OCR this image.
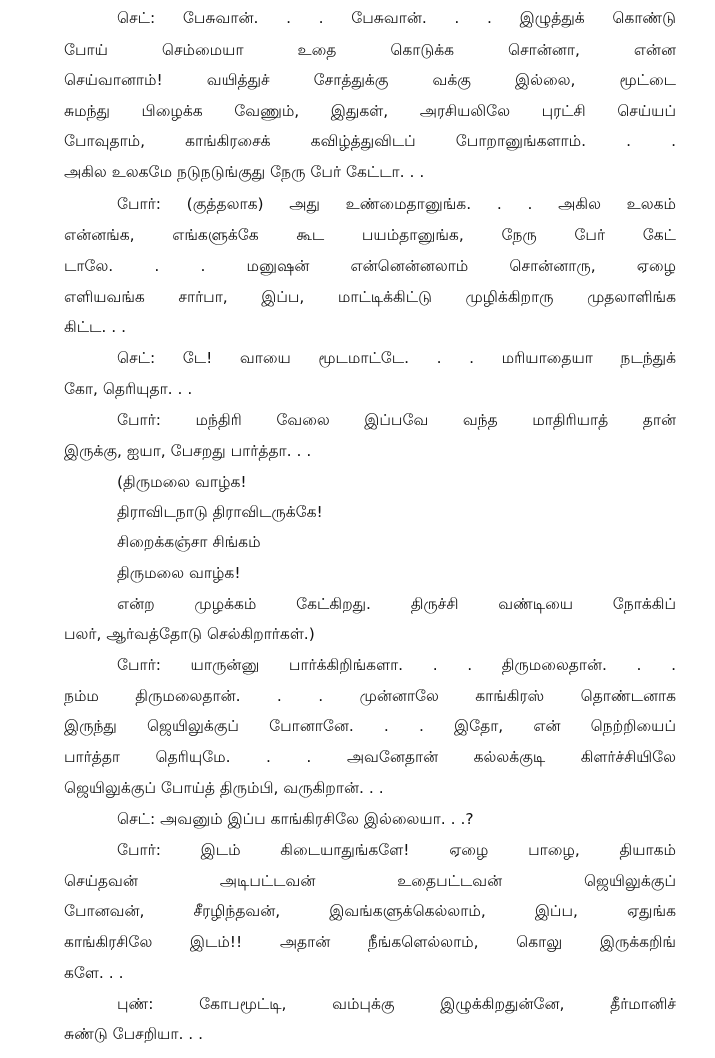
செட்: பேசுவான். . . பேசுவான். . . இழுத்துக் கொண்டு
போய் செம்மையா உதை கொடுக்க சொன்னா, என்ன
செய்வானாம்! வயித்துச் சோத்துக்கு வக்கு இல்லை, மூட்டை
சுமந்து பிழைக்க வேணும், இதுகள், அரசியலிலே புரட்சி செய்யப்
போவுதாம், காங்கிரசைக் கவிழ்த்துவிடப் போறானுங்களாம். . .
அகில உலகமே நடுநடுங்குது நேரு பேர் கேட்டா. . .
போர்: (குத்தலாக) அது உண்மைதானுங்க. . . அகில உலகம்
என்னங்க, எங்களுக்கே கூட பயம்தானுங்க, நேரு பேர் கேட்
டாலே. . . மனுஷன் என்னென்னலாம் சொன்னாரு, ஏழை
எளியவங்க சார்பா, இப்ப, மாட்டிக்கிட்டு முழிக்கிறாரு முதலாளிங்க
கிட்ட. . .
செட்: டே! வாயை மூடமாட்டே. . . மரியாதையா நடந்துக்
கோ, தெரியுதா. . .
போர்: மந்திரி வேலை இப்பவே வந்த மாதிரியாத் தான்
இருக்கு, ஐயா, பேசறது பார்த்தா. . .
(திருமலை வாழ்க!
திராவிடநாடு திராவிடருக்கே!
சிறைக்கஞ்சா சிங்கம்
திருமலை வாழ்க!
என்ற முழக்கம் கேட்கிறது. திருச்சி வண்டியை நோக்கிப்
பலர், ஆர்வத்தோடு செல்கிறார்கள்.)
போர்: யாருன்னு பார்க்கிறிங்களா. . . திருமலைதான். . .
நம்ம திருமலைதான். . . முன்னாலே காங்கிரஸ் தொண்டனாக
இருந்து ஜெயிலுக்குப் போனானே. . . இதோ, என் நெற்றியைப்
பார்த்தா தெரியுமே. . . அவனேதான் கல்லக்குடி கிளர்ச்சியிலே
ஜெயிலுக்குப் போய்த் திரும்பி, வருகிறான். . .
செட்: அவனும் இப்ப காங்கிரசிலே இல்லையா. . .?
போர்: இடம் கிடையாதுங்களே! ஏழை பாழை, தியாகம்
செய்தவன் அடிபட்டவன் உதைபட்டவன் ஜெயிலுக்குப்
போனவன், சீரழிந்தவன், இவங்களுக்கெல்லாம், இப்ப, ஏதுங்க
காங்கிரசிலே இடம்!! அதான் நீங்களெல்லாம், கொலு இருக்கறிங்
களே. . .
புண்: கோபமூட்டி, வம்புக்கு இழுக்கிறதுன்னே, தீர்மானிச்
சுண்டு பேசறியா. . .
